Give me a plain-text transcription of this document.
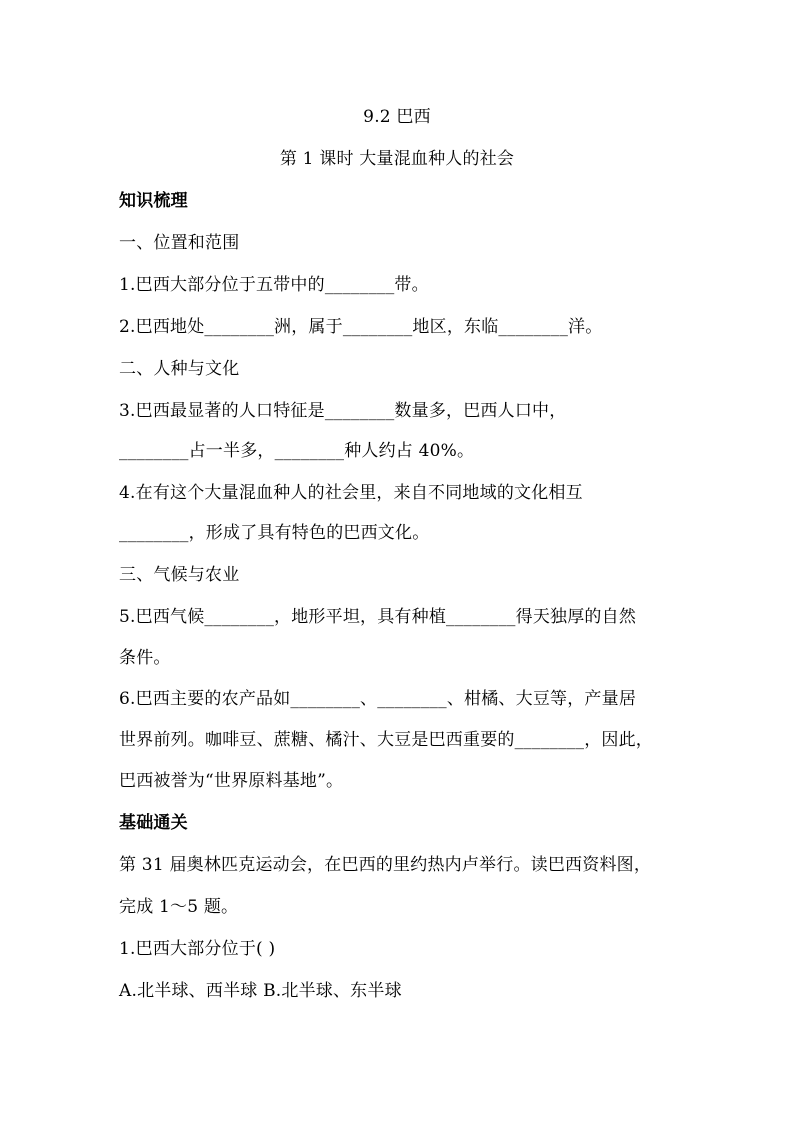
9.2 巴西
第 1 课时 大量混血种人的社会
知识梳理
一、位置和范围
1.巴西大部分位于五带中的________带。
2.巴西地处________洲，属于________地区，东临________洋。
二、人种与文化
3.巴西最显著的人口特征是________数量多，巴西人口中，
________占一半多，________种人约占 40%。
4.在有这个大量混血种人的社会里，来自不同地域的文化相互
________，形成了具有特色的巴西文化。
三、气候与农业
5.巴西气候________，地形平坦，具有种植________得天独厚的自然
条件。
6.巴西主要的农产品如________、________、柑橘、大豆等，产量居
世界前列。咖啡豆、蔗糖、橘汁、大豆是巴西重要的________，因此，
巴西被誉为“世界原料基地”。
基础通关
第 31 届奥林匹克运动会，在巴西的里约热内卢举行。读巴西资料图，
完成 1～5 题。
1.巴西大部分位于( )
A.北半球、西半球 B.北半球、东半球
